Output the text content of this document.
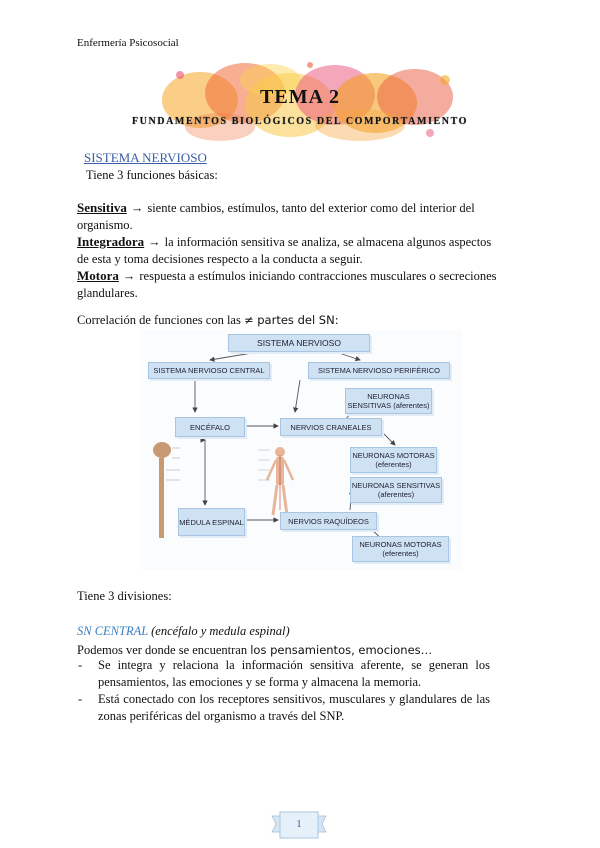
Enfermería Psicosocial
TEMA 2
FUNDAMENTOS BIOLÓGICOS DEL COMPORTAMIENTO
SISTEMA NERVIOSO
Tiene 3 funciones básicas:
Sensitiva → siente cambios, estímulos, tanto del exterior como del interior del organismo.
Integradora → la información sensitiva se analiza, se almacena algunos aspectos de esta y toma decisiones respecto a la conducta a seguir.
Motora → respuesta a estímulos iniciando contracciones musculares o secreciones glandulares.
Correlación de funciones con las ≠ partes del SN:
SISTEMA NERVIOSO
SISTEMA NERVIOSO CENTRAL	SISTEMA NERVIOSO PERIFÉRICO
ENCÉFALO	NERVIOS CRANEALES
NEURONAS SENSITIVAS (aferentes)
NEURONAS MOTORAS (eferentes)
NEURONAS SENSITIVAS (aferentes)
MÉDULA ESPINAL	NERVIOS RAQUÍDEOS
NEURONAS MOTORAS (eferentes)
Tiene 3 divisiones:
SN CENTRAL (encéfalo y medula espinal)
Podemos ver donde se encuentran los pensamientos, emociones…
-	Se integra y relaciona la información sensitiva aferente, se generan los pensamientos, las emociones y se forma y almacena la memoria.
-	Está conectado con los receptores sensitivos, musculares y glandulares de las zonas periféricas del organismo a través del SNP.
1
